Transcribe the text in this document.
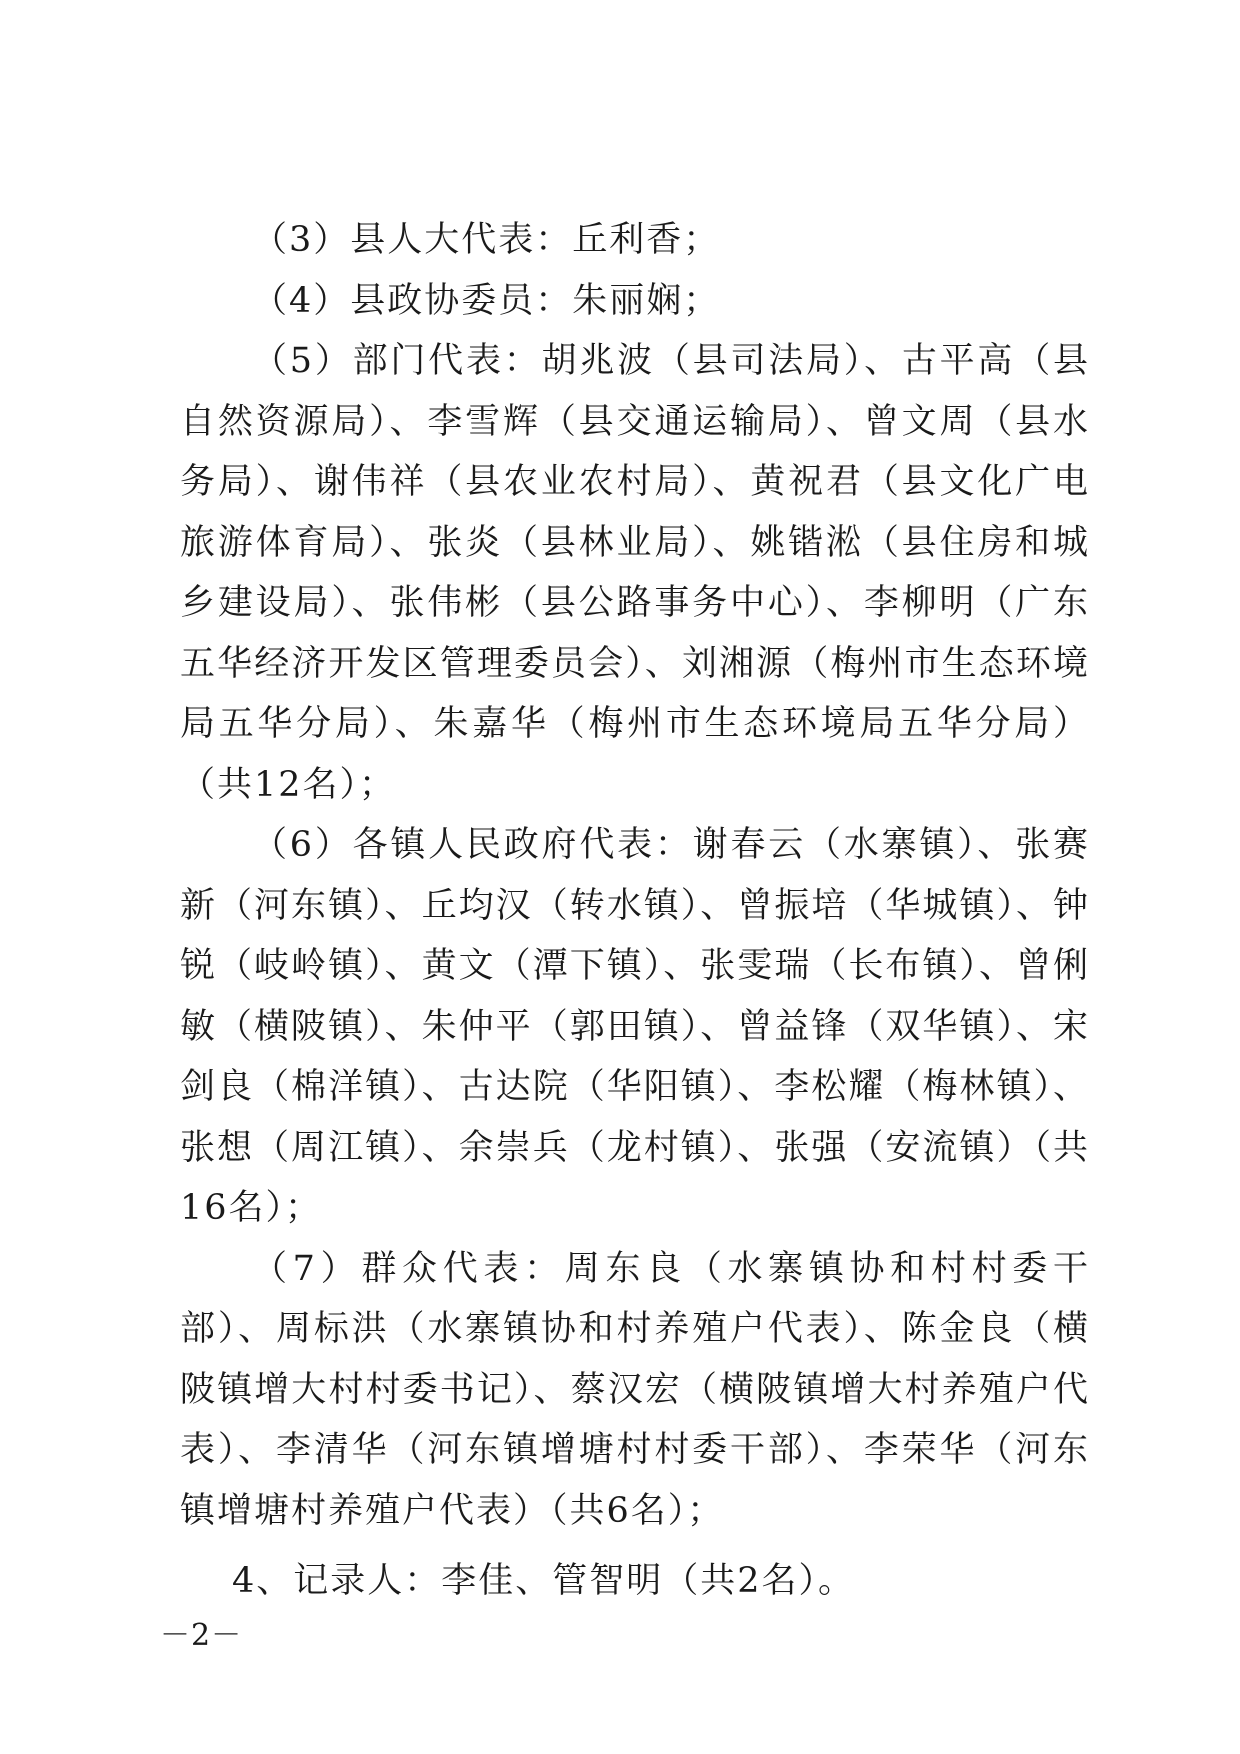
（3）县人大代表：丘利香；

（4）县政协委员：朱丽娴；

（5）部门代表：胡兆波（县司法局）、古平高（县自然资源局）、李雪辉（县交通运输局）、曾文周（县水务局）、谢伟祥（县农业农村局）、黄祝君（县文化广电旅游体育局）、张炎（县林业局）、姚锴淞（县住房和城乡建设局）、张伟彬（县公路事务中心）、李柳明（广东五华经济开发区管理委员会）、刘湘源（梅州市生态环境局五华分局）、朱嘉华（梅州市生态环境局五华分局）（共12名）；

（6）各镇人民政府代表：谢春云（水寨镇）、张赛新（河东镇）、丘均汉（转水镇）、曾振培（华城镇）、钟锐（岐岭镇）、黄文（潭下镇）、张雯瑞（长布镇）、曾俐敏（横陂镇）、朱仲平（郭田镇）、曾益锋（双华镇）、宋剑良（棉洋镇）、古达院（华阳镇）、李松耀（梅林镇）、张想（周江镇）、余崇兵（龙村镇）、张强（安流镇）（共16名）；

（7）群众代表：周东良（水寨镇协和村村委干部）、周标洪（水寨镇协和村养殖户代表）、陈金良（横陂镇增大村村委书记）、蔡汉宏（横陂镇增大村养殖户代表）、李清华（河东镇增塘村村委干部）、李荣华（河东镇增塘村养殖户代表）（共6名）；

4、记录人：李佳、管智明（共2名）。

－2－
